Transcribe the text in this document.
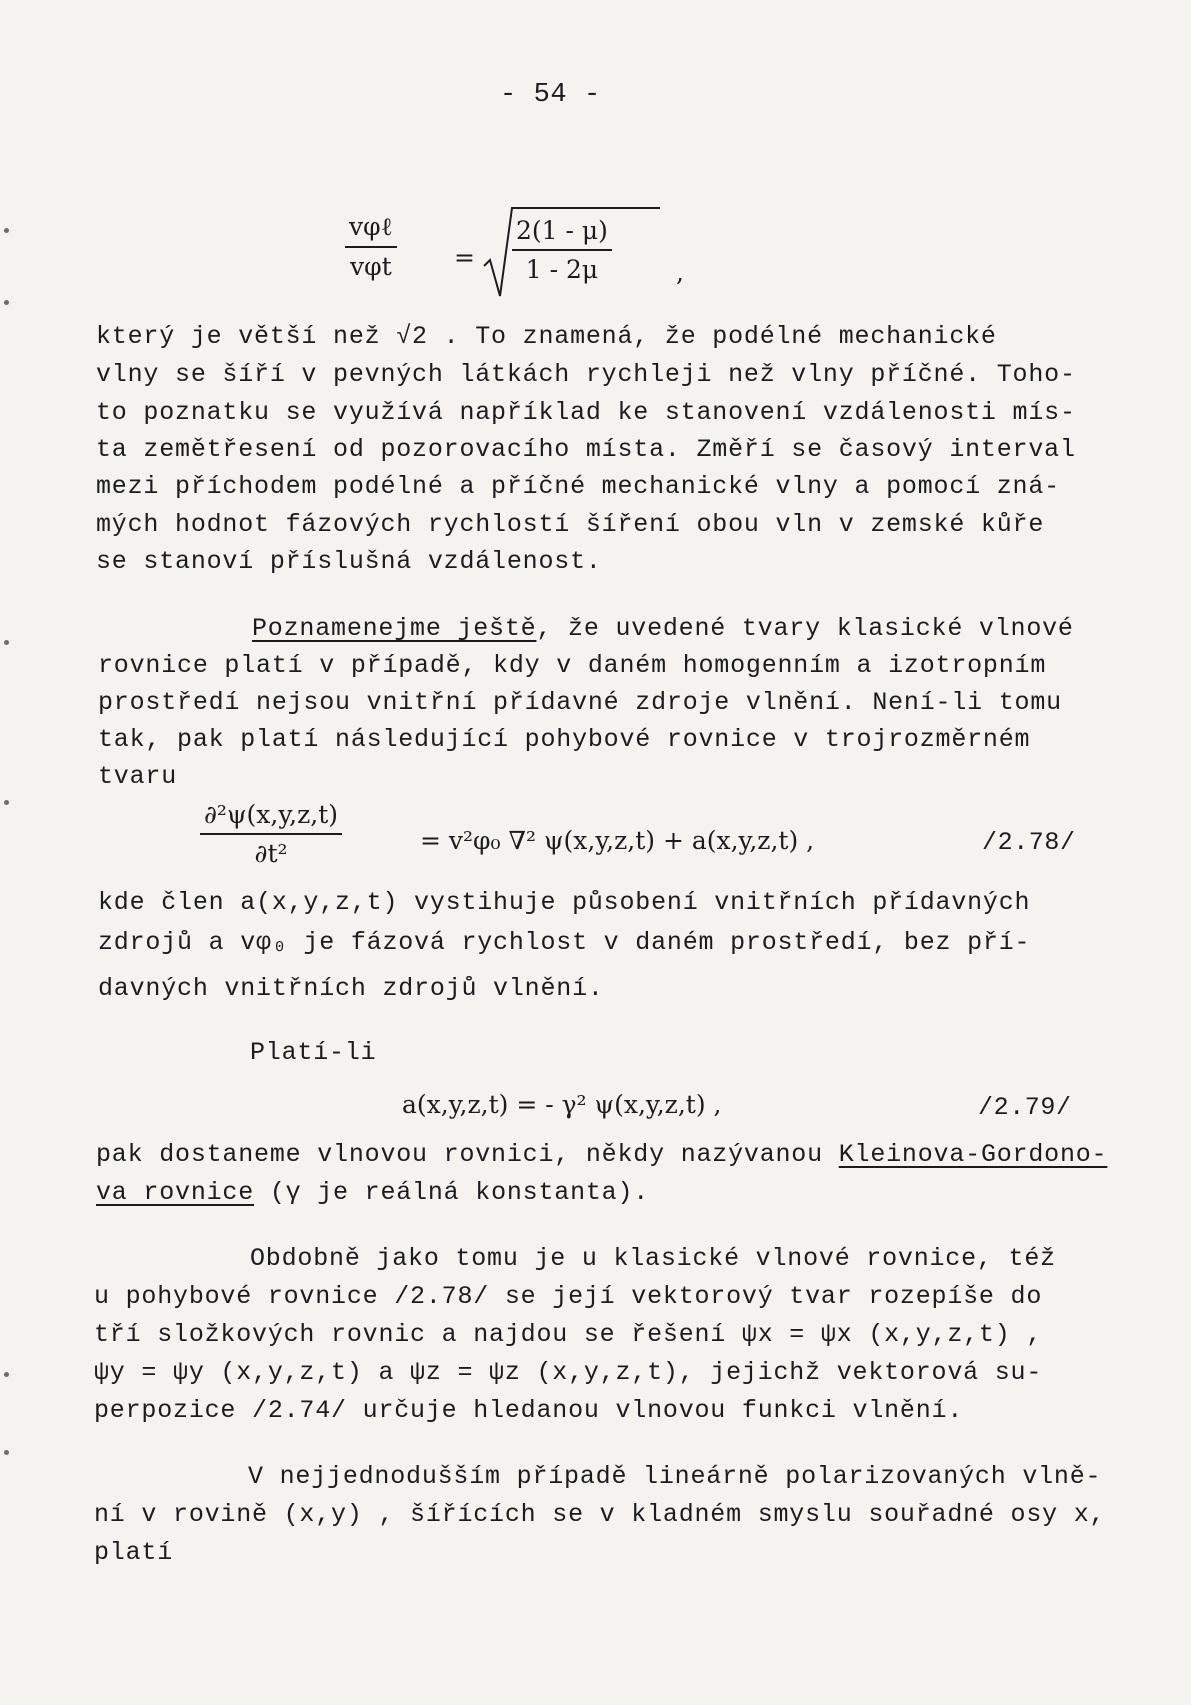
- 54 -
$\frac{\text{vφℓ}}{\text{vφt}} = \frac{2(1 - \mu)}{1 - 2\mu}$	,
který je větší než √2 . To znamená, že podélné mechanické
vlny se šíří v pevných látkách rychleji než vlny příčné. Toho-
to poznatku se využívá například ke stanovení vzdálenosti mís-
ta zemětřesení od pozorovacího místa. Změří se časový interval
mezi příchodem podélné a příčné mechanické vlny a pomocí zná-
mých hodnot fázových rychlostí šíření obou vln v zemské kůře
se stanoví příslušná vzdálenost.
Poznamenejme ještě, že uvedené tvary klasické vlnové
rovnice platí v případě, kdy v daném homogenním a izotropním
prostředí nejsou vnitřní přídavné zdroje vlnění. Není-li tomu
tak, pak platí následující pohybové rovnice v trojrozměrném
tvaru
$\frac{\text{∂²ψ(x,y,z,t)}}{\text{∂t²}}$	= v²φ₀ ∇² ψ(x,y,z,t) + a(x,y,z,t) ,	/2.78/
kde člen a(x,y,z,t) vystihuje působení vnitřních přídavných
zdrojů a vφ₀ je fázová rychlost v daném prostředí, bez pří-
davných vnitřních zdrojů vlnění.
Platí-li
a(x,y,z,t) = - γ² ψ(x,y,z,t) ,	/2.79/
pak dostaneme vlnovou rovnici, někdy nazývanou Kleinova-Gordono-
va rovnice (γ je reálná konstanta).
Obdobně jako tomu je u klasické vlnové rovnice, též
u pohybové rovnice /2.78/ se její vektorový tvar rozepíše do
tří složkových rovnic a najdou se řešení ψx = ψx (x,y,z,t) ,
ψy = ψy (x,y,z,t) a ψz = ψz (x,y,z,t), jejichž vektorová su-
perpozice /2.74/ určuje hledanou vlnovou funkci vlnění.
V nejjednodušším případě lineárně polarizovaných vlně-
ní v rovině (x,y) , šířících se v kladném smyslu souřadné osy x,
platí
